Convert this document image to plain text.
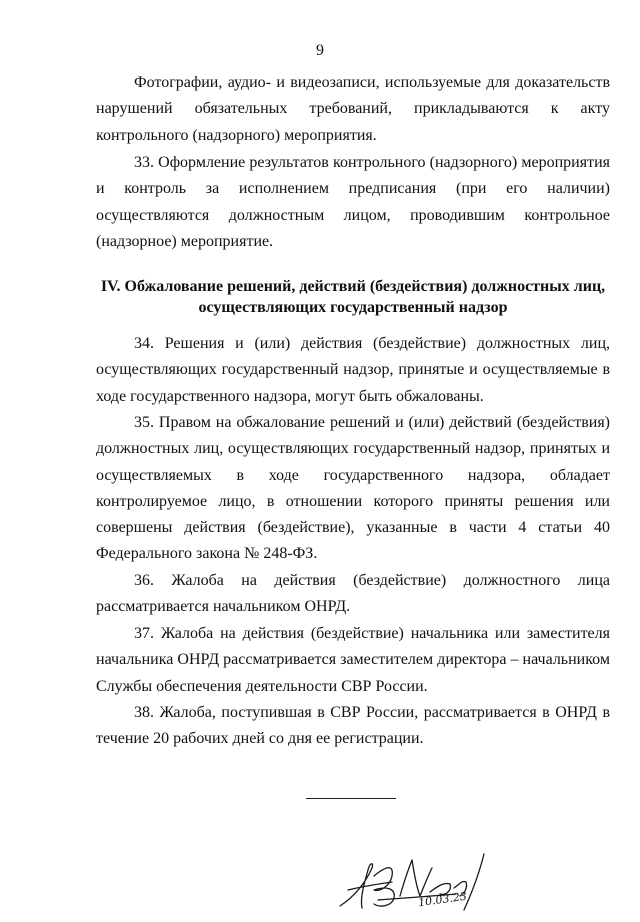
9

Фотографии, аудио- и видеозаписи, используемые для доказательств нарушений обязательных требований, прикладываются к акту контрольного (надзорного) мероприятия.

33. Оформление результатов контрольного (надзорного) мероприятия и контроль за исполнением предписания (при его наличии) осуществляются должностным лицом, проводившим контрольное (надзорное) мероприятие.

IV. Обжалование решений, действий (бездействия) должностных лиц, осуществляющих государственный надзор

34. Решения и (или) действия (бездействие) должностных лиц, осуществляющих государственный надзор, принятые и осуществляемые в ходе государственного надзора, могут быть обжалованы.

35. Правом на обжалование решений и (или) действий (бездействия) должностных лиц, осуществляющих государственный надзор, принятых и осуществляемых в ходе государственного надзора, обладает контролируемое лицо, в отношении которого приняты решения или совершены действия (бездействие), указанные в части 4 статьи 40 Федерального закона № 248-ФЗ.

36. Жалоба на действия (бездействие) должностного лица рассматривается начальником ОНРД.

37. Жалоба на действия (бездействие) начальника или заместителя начальника ОНРД рассматривается заместителем директора – начальником Службы обеспечения деятельности СВР России.

38. Жалоба, поступившая в СВР России, рассматривается в ОНРД в течение 20 рабочих дней со дня ее регистрации.

10.03.23
